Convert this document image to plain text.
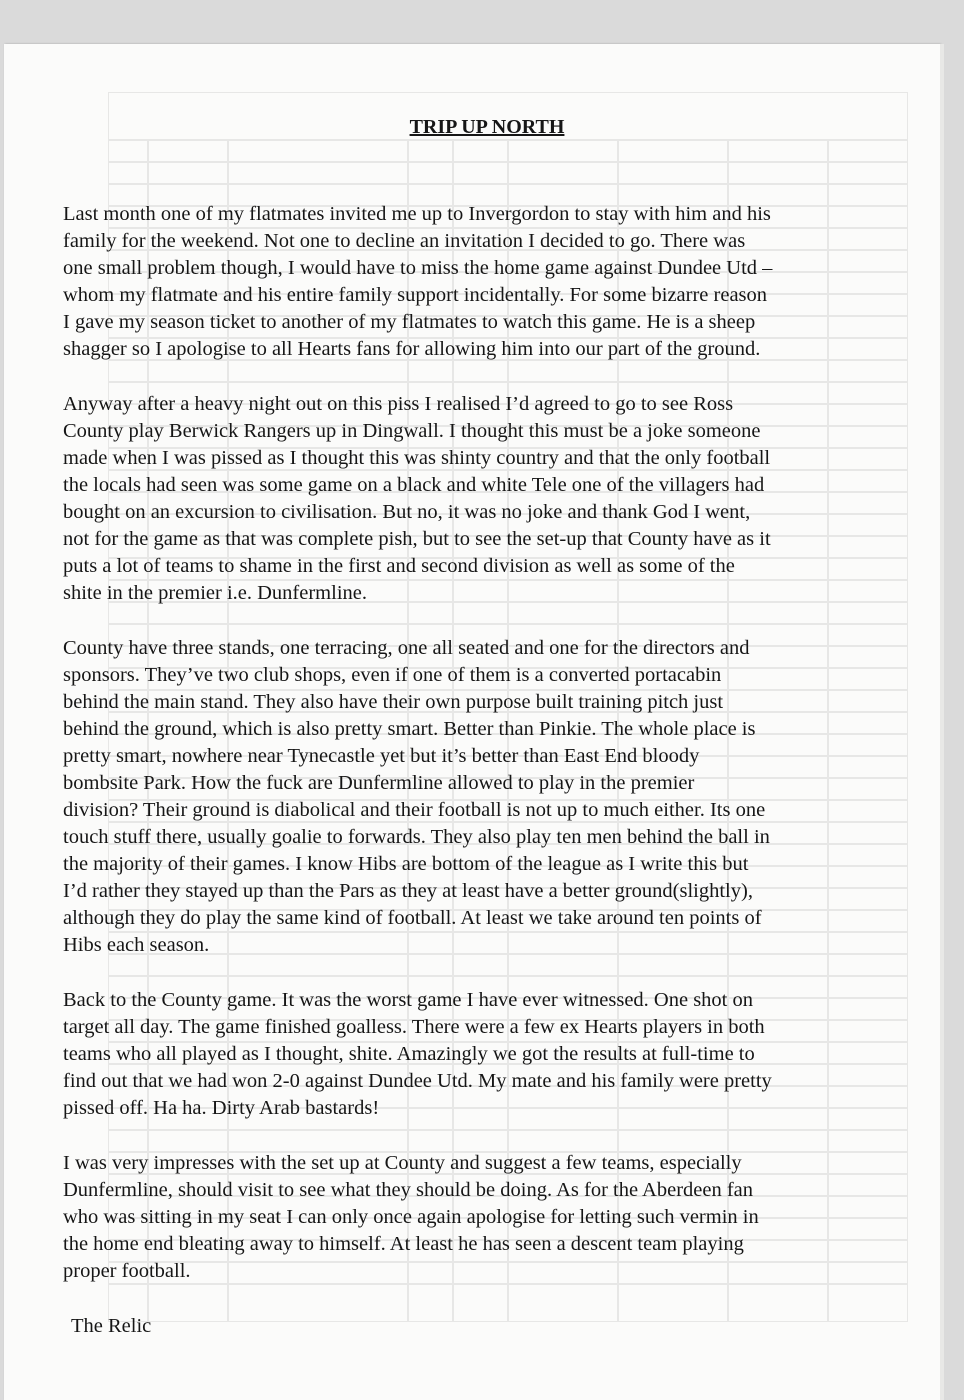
TRIP UP NORTH
Last month one of my flatmates invited me up to Invergordon to stay with him and his
family for the weekend. Not one to decline an invitation I decided to go. There was
one small problem though, I would have to miss the home game against Dundee Utd –
whom my flatmate and his entire family support incidentally. For some bizarre reason
I gave my season ticket to another of my flatmates to watch this game. He is a sheep
shagger so I apologise to all Hearts fans for allowing him into our part of the ground.
Anyway after a heavy night out on this piss I realised I’d agreed to go to see Ross
County play Berwick Rangers up in Dingwall. I thought this must be a joke someone
made when I was pissed as I thought this was shinty country and that the only football
the locals had seen was some game on a black and white Tele one of the villagers had
bought on an excursion to civilisation. But no, it was no joke and thank God I went,
not for the game as that was complete pish, but to see the set-up that County have as it
puts a lot of teams to shame in the first and second division as well as some of the
shite in the premier i.e. Dunfermline.
County have three stands, one terracing, one all seated and one for the directors and
sponsors. They’ve two club shops, even if one of them is a converted portacabin
behind the main stand. They also have their own purpose built training pitch just
behind the ground, which is also pretty smart. Better than Pinkie. The whole place is
pretty smart, nowhere near Tynecastle yet but it’s better than East End bloody
bombsite Park. How the fuck are Dunfermline allowed to play in the premier
division? Their ground is diabolical and their football is not up to much either. Its one
touch stuff there, usually goalie to forwards. They also play ten men behind the ball in
the majority of their games. I know Hibs are bottom of the league as I write this but
I’d rather they stayed up than the Pars as they at least have a better ground(slightly),
although they do play the same kind of football. At least we take around ten points of
Hibs each season.
Back to the County game. It was the worst game I have ever witnessed. One shot on
target all day. The game finished goalless. There were a few ex Hearts players in both
teams who all played as I thought, shite. Amazingly we got the results at full-time to
find out that we had won 2-0 against Dundee Utd. My mate and his family were pretty
pissed off. Ha ha. Dirty Arab bastards!
I was very impresses with the set up at County and suggest a few teams, especially
Dunfermline, should visit to see what they should be doing. As for the Aberdeen fan
who was sitting in my seat I can only once again apologise for letting such vermin in
the home end bleating away to himself. At least he has seen a descent team playing
proper football.
The Relic
